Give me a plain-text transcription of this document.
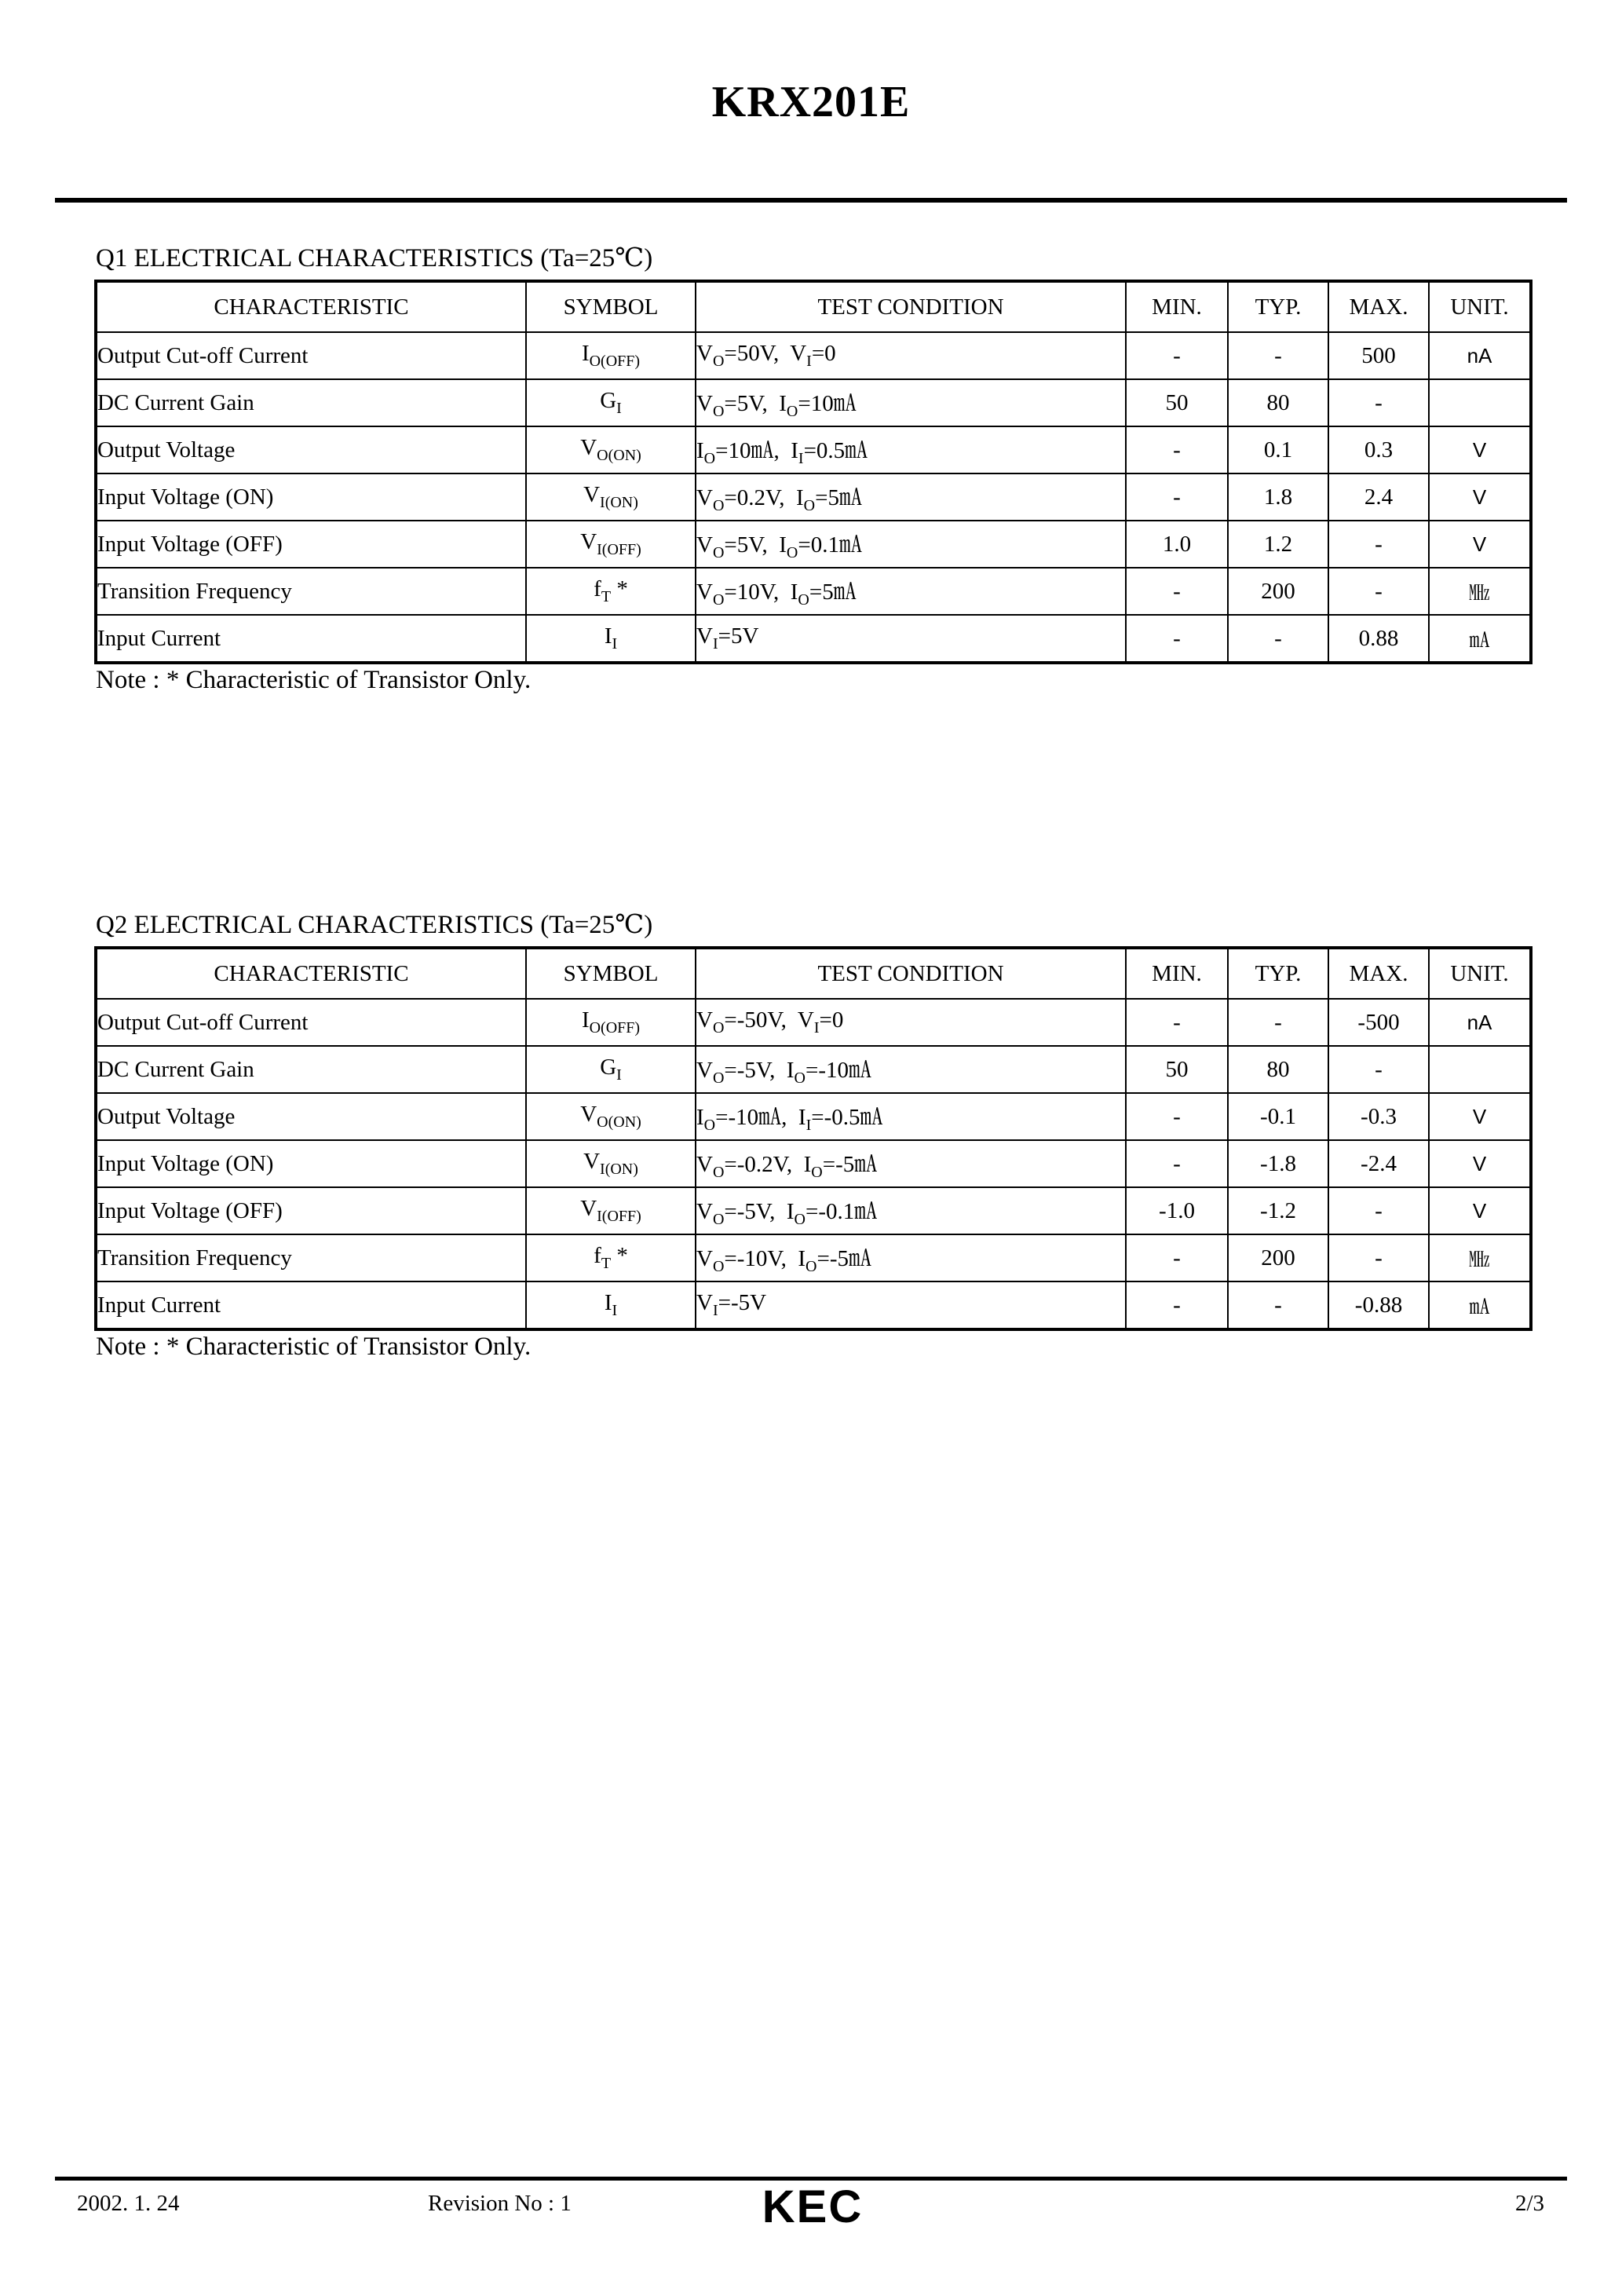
KRX201E
Q1 ELECTRICAL CHARACTERISTICS (Ta=25℃)
CHARACTERISTIC	SYMBOL	TEST CONDITION	MIN.	TYP.	MAX.	UNIT.
Output Cut-off Current	$I_{O(OFF)}$	$V_O=50V$,  $V_I=0$	-	-	500	nA
DC Current Gain	$G_I$	$V_O=5V$,  $I_O=10㎃$	50	80	-	
Output Voltage	$V_{O(ON)}$	$I_O=10㎃$,  $I_I=0.5㎃$	-	0.1	0.3	V
Input Voltage (ON)	$V_{I(ON)}$	$V_O=0.2V$,  $I_O=5㎃$	-	1.8	2.4	V
Input Voltage (OFF)	$V_{I(OFF)}$	$V_O=5V$,  $I_O=0.1㎃$	1.0	1.2	-	V
Transition Frequency	$f_T$ *	$V_O=10V$,  $I_O=5㎃$	-	200	-	㎒
Input Current	$I_I$	$V_I=5V$	-	-	0.88	㎃
Note : * Characteristic of Transistor Only.
Q2 ELECTRICAL CHARACTERISTICS (Ta=25℃)
CHARACTERISTIC	SYMBOL	TEST CONDITION	MIN.	TYP.	MAX.	UNIT.
Output Cut-off Current	$I_{O(OFF)}$	$V_O=-50V$,  $V_I=0$	-	-	-500	nA
DC Current Gain	$G_I$	$V_O=-5V$,  $I_O=-10㎃$	50	80	-	
Output Voltage	$V_{O(ON)}$	$I_O=-10㎃$,  $I_I=-0.5㎃$	-	-0.1	-0.3	V
Input Voltage (ON)	$V_{I(ON)}$	$V_O=-0.2V$,  $I_O=-5㎃$	-	-1.8	-2.4	V
Input Voltage (OFF)	$V_{I(OFF)}$	$V_O=-5V$,  $I_O=-0.1㎃$	-1.0	-1.2	-	V
Transition Frequency	$f_T$ *	$V_O=-10V$,  $I_O=-5㎃$	-	200	-	㎒
Input Current	$I_I$	$V_I=-5V$	-	-	-0.88	㎃
Note : * Characteristic of Transistor Only.
2002. 1. 24	Revision No : 1	KEC	2/3
